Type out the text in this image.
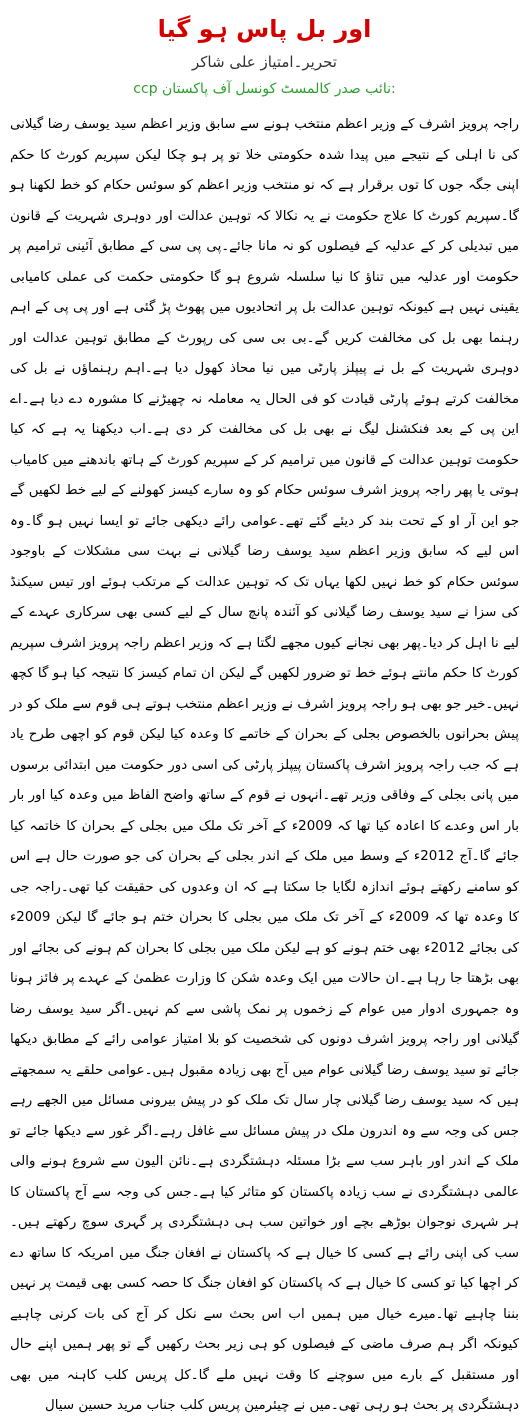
اور بل پاس ہو گیا
تحریر۔امتیاز علی شاکر
:نائب صدر کالمسٹ کونسل آف پاکستان ccp

راجہ پرویز اشرف کے وزیر اعظم منتخب ہونے سے سابق وزیر اعظم سید یوسف رضا گیلانی کی نا اہلی کے نتیجے میں پیدا شدہ حکومتی خلا تو پر ہو چکا لیکن سپریم کورٹ کا حکم اپنی جگہ جوں کا توں برقرار ہے کہ نو منتخب وزیر اعظم کو سوئس حکام کو خط لکھنا ہو گا۔سپریم کورٹ کا علاج حکومت نے یہ نکالا کہ توہین عدالت اور دوہری شہریت کے قانون میں تبدیلی کر کے عدلیہ کے فیصلوں کو نہ مانا جائے۔پی پی سی کے مطابق آئینی ترامیم پر حکومت اور عدلیہ میں تناؤ کا نیا سلسلہ شروع ہو گا حکومتی حکمت کی عملی کامیابی یقینی نہیں ہے کیونکہ توہین عدالت بل پر اتحادیوں میں پھوٹ پڑ گئی ہے اور پی پی کے اہم رہنما بھی بل کی مخالفت کریں گے۔بی بی سی کی رپورٹ کے مطابق توہین عدالت اور دوہری شہریت کے بل نے پیپلز پارٹی میں نیا محاذ کھول دیا ہے۔اہم رہنماؤں نے بل کی مخالفت کرتے ہوئے پارٹی قیادت کو فی الحال یہ معاملہ نہ چھیڑنے کا مشورہ دے دیا ہے۔اے این پی کے بعد فنکشنل لیگ نے بھی بل کی مخالفت کر دی ہے۔اب دیکھنا یہ ہے کہ کیا حکومت توہین عدالت کے قانون میں ترامیم کر کے سپریم کورٹ کے ہاتھ باندھنے میں کامیاب ہوتی یا پھر راجہ پرویز اشرف سوئس حکام کو وہ سارے کیسز کھولنے کے لیے خط لکھیں گے جو این آر او کے تحت بند کر دیئے گئے تھے۔عوامی رائے دیکھی جائے تو ایسا نہیں ہو گا۔وہ اس لیے کہ سابق وزیر اعظم سید یوسف رضا گیلانی نے بہت سی مشکلات کے باوجود سوئس حکام کو خط نہیں لکھا یہاں تک کہ توہین عدالت کے مرتکب ہوئے اور تیس سیکنڈ کی سزا نے سید یوسف رضا گیلانی کو آئندہ پانچ سال کے لیے کسی بھی سرکاری عہدے کے لیے نا اہل کر دیا۔پھر بھی نجانے کیوں مجھے لگتا ہے کہ وزیر اعظم راجہ پرویز اشرف سپریم کورٹ کا حکم مانتے ہوئے خط تو ضرور لکھیں گے لیکن ان تمام کیسز کا نتیجہ کیا ہو گا کچھ نہیں۔خیر جو بھی ہو راجہ پرویز اشرف نے وزیر اعظم منتخب ہوتے ہی قوم سے ملک کو در پیش بحرانوں بالخصوص بجلی کے بحران کے خاتمے کا وعدہ کیا لیکن قوم کو اچھی طرح یاد ہے کہ جب راجہ پرویز اشرف پاکستان پیپلز پارٹی کی اسی دور حکومت میں ابتدائی برسوں میں پانی بجلی کے وفاقی وزیر تھے۔انہوں نے قوم کے ساتھ واضح الفاظ میں وعدہ کیا اور بار بار اس وعدے کا اعادہ کیا تھا کہ 2009ء کے آخر تک ملک میں بجلی کے بحران کا خاتمہ کیا جائے گا۔آج 2012ء کے وسط میں ملک کے اندر بجلی کے بحران کی جو صورت حال ہے اس کو سامنے رکھتے ہوئے اندازہ لگایا جا سکتا ہے کہ ان وعدوں کی حقیقت کیا تھی۔راجہ جی کا وعدہ تھا کہ 2009ء کے آخر تک ملک میں بجلی کا بحران ختم ہو جائے گا لیکن 2009ء کی بجائے 2012ء بھی ختم ہونے کو ہے لیکن ملک میں بجلی کا بحران کم ہونے کی بجائے اور بھی بڑھتا جا رہا ہے۔ان حالات میں ایک وعدہ شکن کا وزارت عظمیٰ کے عہدے پر فائز ہونا وہ جمہوری ادوار میں عوام کے زخموں پر نمک پاشی سے کم نہیں۔اگر سید یوسف رضا گیلانی اور راجہ پرویز اشرف دونوں کی شخصیت کو بلا امتیاز عوامی رائے کے مطابق دیکھا جائے تو سید یوسف رضا گیلانی عوام میں آج بھی زیادہ مقبول ہیں۔عوامی حلقے یہ سمجھتے ہیں کہ سید یوسف رضا گیلانی چار سال تک ملک کو در پیش بیرونی مسائل میں الجھے رہے جس کی وجہ سے وہ اندرون ملک در پیش مسائل سے غافل رہے۔اگر غور سے دیکھا جائے تو ملک کے اندر اور باہر سب سے بڑا مسئلہ دہشتگردی ہے۔نائن الیون سے شروع ہونے والی عالمی دہشتگردی نے سب زیادہ پاکستان کو متاثر کیا ہے۔جس کی وجہ سے آج پاکستان کا ہر شہری نوجوان بوڑھے بچے اور خواتین سب ہی دہشتگردی پر گہری سوچ رکھتے ہیں۔سب کی اپنی رائے ہے کسی کا خیال ہے کہ پاکستان نے افغان جنگ میں امریکہ کا ساتھ دے کر اچھا کیا تو کسی کا خیال ہے کہ پاکستان کو افغان جنگ کا حصہ کسی بھی قیمت پر نہیں بننا چاہیے تھا۔میرے خیال میں ہمیں اب اس بحث سے نکل کر آج کی بات کرنی چاہیے کیونکہ اگر ہم صرف ماضی کے فیصلوں کو ہی زیر بحث رکھیں گے تو پھر ہمیں اپنے حال اور مستقبل کے بارے میں سوچنے کا وقت نہیں ملے گا۔کل پریس کلب کاہنہ میں بھی دہشتگردی پر بحث ہو رہی تھی۔میں نے چیئرمین پریس کلب جناب مرید حسین سیال
